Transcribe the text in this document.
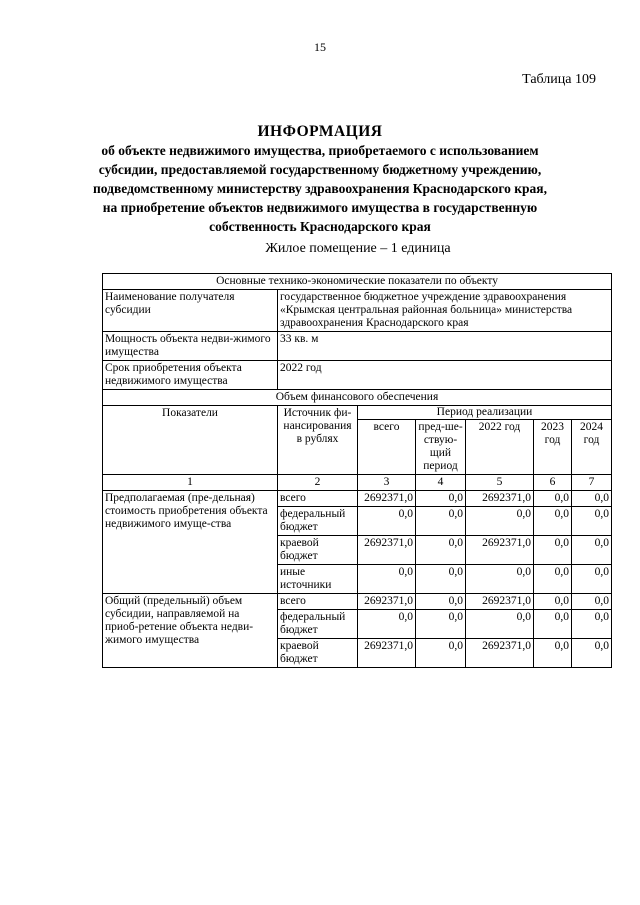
15
Таблица 109
ИНФОРМАЦИЯ
об объекте недвижимого имущества, приобретаемого с использованием
субсидии, предоставляемой государственному бюджетному учреждению,
подведомственному министерству здравоохранения Краснодарского края,
на приобретение объектов недвижимого имущества в государственную
собственность Краснодарского края
Жилое помещение – 1 единица
Основные технико-экономические показатели по объекту						
Наименование получателя субсидии	государственное бюджетное учреждение здравоохранения «Крымская центральная районная больница» министерства здравоохранения Краснодарского края					
Мощность объекта недви-жимого имущества	33 кв. м					
Срок приобретения объекта недвижимого имущества	2022 год					
Объем финансового обеспечения						
Показатели	Источник фи-нансирования в рублях	Период реализации				
		всего	пред-ше-ствую-щий период	2022 год	2023 год	2024 год
1	2	3	4	5	6	7
Предполагаемая (пре-дельная) стоимость приобретения объекта недвижимого имуще-ства	всего	2692371,0	0,0	2692371,0	0,0	0,0
	федеральный бюджет	0,0	0,0	0,0	0,0	0,0
	краевой бюджет	2692371,0	0,0	2692371,0	0,0	0,0
	иные источники	0,0	0,0	0,0	0,0	0,0
Общий (предельный) объем субсидии, направляемой на приоб-ретение объекта недви-жимого имущества	всего	2692371,0	0,0	2692371,0	0,0	0,0
	федеральный бюджет	0,0	0,0	0,0	0,0	0,0
	краевой бюджет	2692371,0	0,0	2692371,0	0,0	0,0
